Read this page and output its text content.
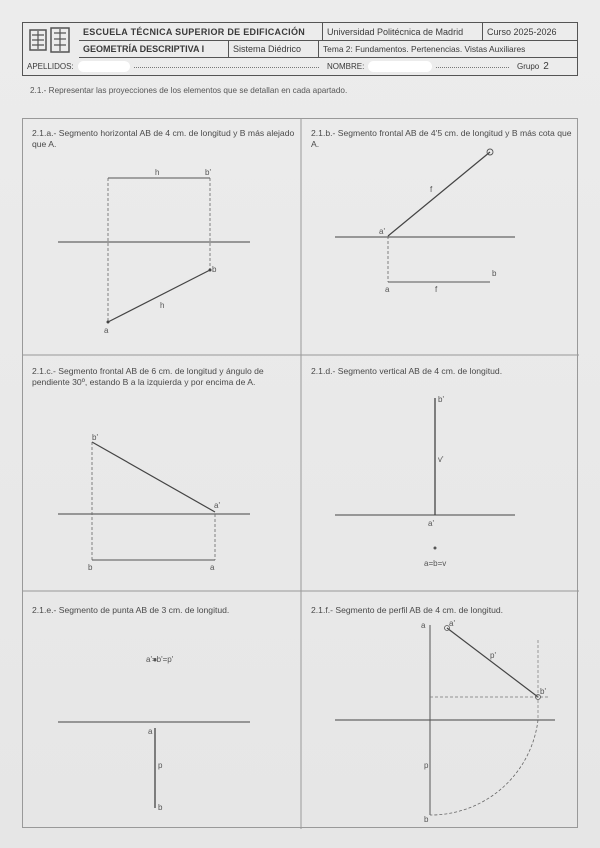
ESCUELA TÉCNICA SUPERIOR DE EDIFICACIÓN	Universidad Politécnica de Madrid	Curso 2025-2026
GEOMETRÍA DESCRIPTIVA I	Sistema Diédrico	Tema 2: Fundamentos. Pertenencias. Vistas Auxiliares
APELLIDOS:	NOMBRE:	Grupo 2
2.1.- Representar las proyecciones de los elementos que se detallan en cada apartado.
2.1.a.- Segmento horizontal AB de 4 cm. de longitud y B más alejado que A.
2.1.b.- Segmento frontal AB de 4'5 cm. de longitud y B más cota que A.
2.1.c.- Segmento frontal AB de 6 cm. de longitud y ángulo de pendiente 30º, estando B a la izquierda y por encima de A.
2.1.d.- Segmento vertical AB de 4 cm. de longitud.
2.1.e.- Segmento de punta AB de 3 cm. de longitud.	2.1.f.- Segmento de perfil AB de 4 cm. de longitud.
b'
h
a
b
h
a'
f
a
b
f
b'
a'
b	a
b'
v'
a'
a=b=v
a'=b'=p'
a
p
b
a'
a
p'
b'
b
p
